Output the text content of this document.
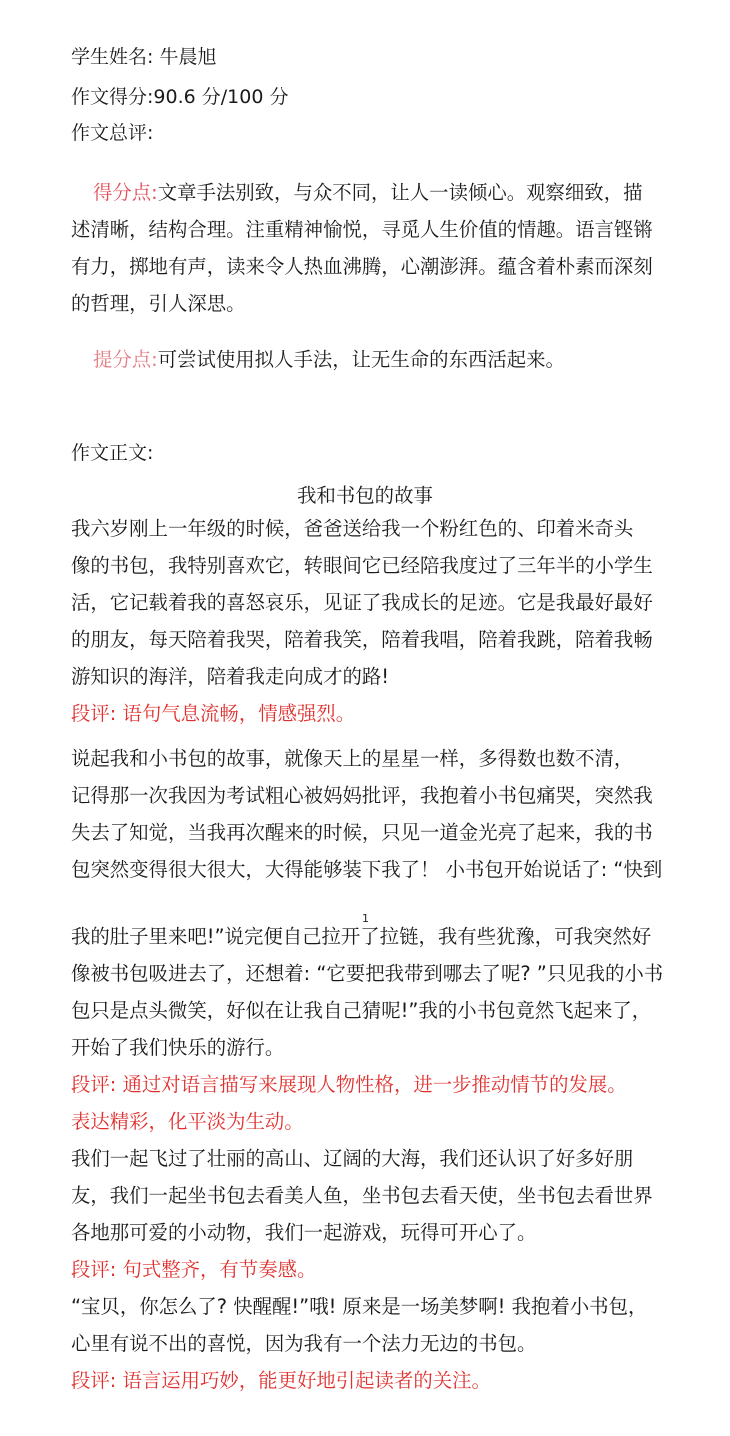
学生姓名: 牛晨旭
作文得分:90.6 分/100 分
作文总评:
得分点:文章手法别致，与众不同，让人一读倾心。观察细致，描
述清晰，结构合理。注重精神愉悦，寻觅人生价值的情趣。语言铿锵
有力，掷地有声，读来令人热血沸腾，心潮澎湃。蕴含着朴素而深刻
的哲理，引人深思。
提分点:可尝试使用拟人手法，让无生命的东西活起来。
作文正文:
我和书包的故事
我六岁刚上一年级的时候，爸爸送给我一个粉红色的、印着米奇头
像的书包，我特别喜欢它，转眼间它已经陪我度过了三年半的小学生
活，它记载着我的喜怒哀乐，见证了我成长的足迹。它是我最好最好
的朋友，每天陪着我哭，陪着我笑，陪着我唱，陪着我跳，陪着我畅
游知识的海洋，陪着我走向成才的路!
段评: 语句气息流畅，情感强烈。
说起我和小书包的故事，就像天上的星星一样，多得数也数不清，
记得那一次我因为考试粗心被妈妈批评，我抱着小书包痛哭，突然我
失去了知觉，当我再次醒来的时候，只见一道金光亮了起来，我的书
包突然变得很大很大，大得能够装下我了！ 小书包开始说话了: “快到
1
我的肚子里来吧!”说完便自己拉开了拉链，我有些犹豫，可我突然好
像被书包吸进去了，还想着: “它要把我带到哪去了呢? ”只见我的小书
包只是点头微笑，好似在让我自己猜呢!”我的小书包竟然飞起来了，
开始了我们快乐的游行。
段评: 通过对语言描写来展现人物性格，进一步推动情节的发展。
表达精彩，化平淡为生动。
我们一起飞过了壮丽的高山、辽阔的大海，我们还认识了好多好朋
友，我们一起坐书包去看美人鱼，坐书包去看天使，坐书包去看世界
各地那可爱的小动物，我们一起游戏，玩得可开心了。
段评: 句式整齐，有节奏感。
“宝贝，你怎么了? 快醒醒!”哦! 原来是一场美梦啊! 我抱着小书包，
心里有说不出的喜悦，因为我有一个法力无边的书包。
段评: 语言运用巧妙，能更好地引起读者的关注。
